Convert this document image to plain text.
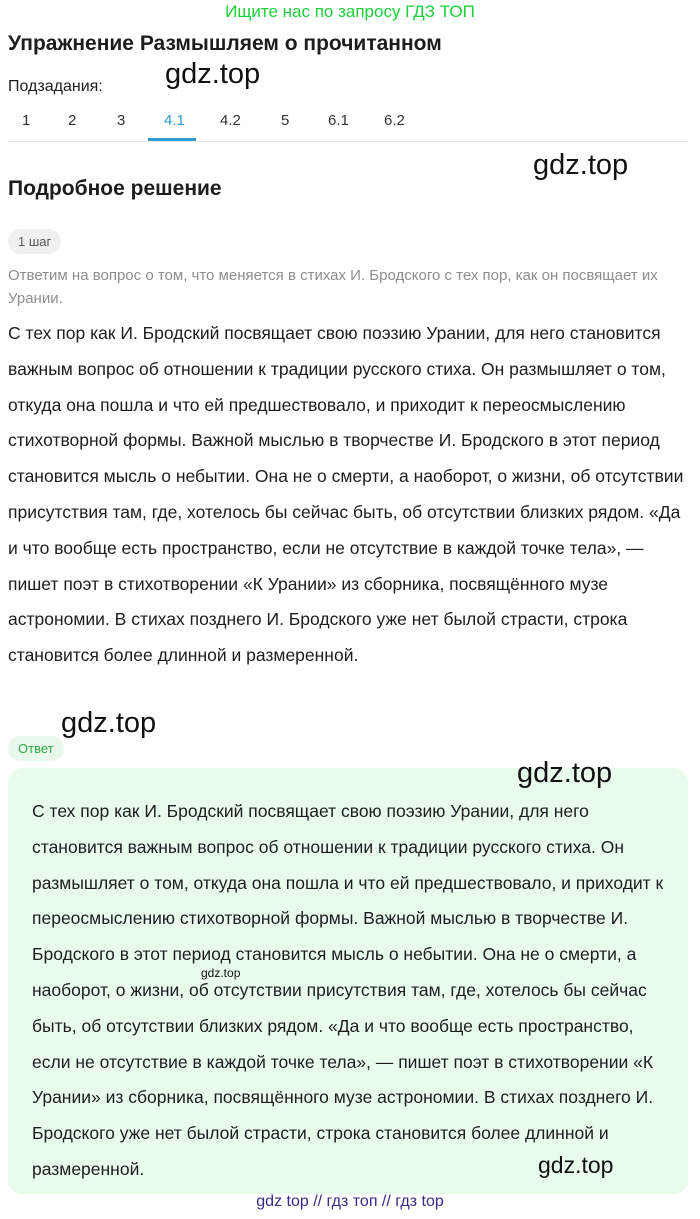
Ищите нас по запросу ГДЗ ТОП
Упражнение Размышляем о прочитанном
Подзадания:
1	2	3	4.1 4.2	5	6.1 6.2
Подробное решение
1 шаг
Ответим на вопрос о том, что меняется в стихах И. Бродского с тех пор, как он посвящает их Урании.
С тех пор как И. Бродский посвящает свою поэзию Урании, для него становится важным вопрос об отношении к традиции русского стиха. Он размышляет о том, откуда она пошла и что ей предшествовало, и приходит к переосмыслению стихотворной формы. Важной мыслью в творчестве И. Бродского в этот период становится мысль о небытии. Она не о смерти, а наоборот, о жизни, об отсутствии присутствия там, где, хотелось бы сейчас быть, об отсутствии близких рядом. «Да и что вообще есть пространство, если не отсутствие в каждой точке тела», — пишет поэт в стихотворении «К Урании» из сборника, посвящённого музе астрономии. В стихах позднего И. Бродского уже нет былой страсти, строка становится более длинной и размеренной.
Ответ
С тех пор как И. Бродский посвящает свою поэзию Урании, для него становится важным вопрос об отношении к традиции русского стиха. Он размышляет о том, откуда она пошла и что ей предшествовало, и приходит к переосмыслению стихотворной формы. Важной мыслью в творчестве И. Бродского в этот период становится мысль о небытии. Она не о смерти, а наоборот, о жизни, об отсутствии присутствия там, где, хотелось бы сейчас быть, об отсутствии близких рядом. «Да и что вообще есть пространство, если не отсутствие в каждой точке тела», — пишет поэт в стихотворении «К Урании» из сборника, посвящённого музе астрономии. В стихах позднего И. Бродского уже нет былой страсти, строка становится более длинной и размеренной.
gdz.top
gdz.top
gdz.top
gdz.top
gdz.top
gdz.top
gdz top // гдз топ // гдз top
